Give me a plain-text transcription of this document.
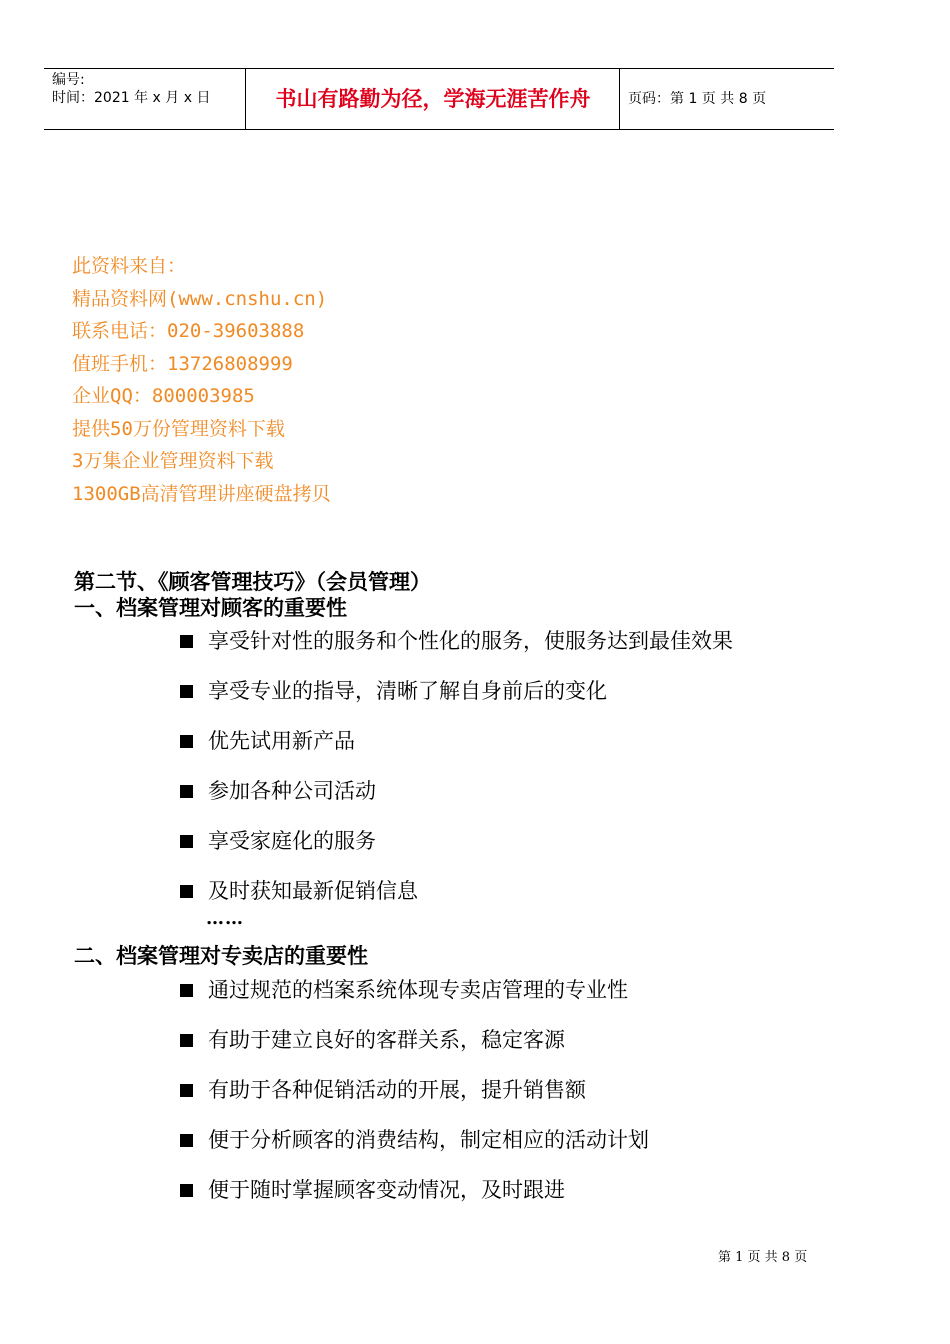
编号:
时间：2021 年 x 月 x 日	书山有路勤为径，学海无涯苦作舟	页码：第 1 页 共 8 页
此资料来自：
精品资料网(www.cnshu.cn)
联系电话：020-39603888
值班手机：13726808999
企业QQ：800003985
提供50万份管理资料下载
3万集企业管理资料下载
1300GB高清管理讲座硬盘拷贝
第二节、《顾客管理技巧》（会员管理）
一、档案管理对顾客的重要性
享受针对性的服务和个性化的服务，使服务达到最佳效果
享受专业的指导，清晰了解自身前后的变化
优先试用新产品
参加各种公司活动
享受家庭化的服务
及时获知最新促销信息
……
二、档案管理对专卖店的重要性
通过规范的档案系统体现专卖店管理的专业性
有助于建立良好的客群关系，稳定客源
有助于各种促销活动的开展，提升销售额
便于分析顾客的消费结构，制定相应的活动计划
便于随时掌握顾客变动情况，及时跟进
第 1 页 共 8 页
